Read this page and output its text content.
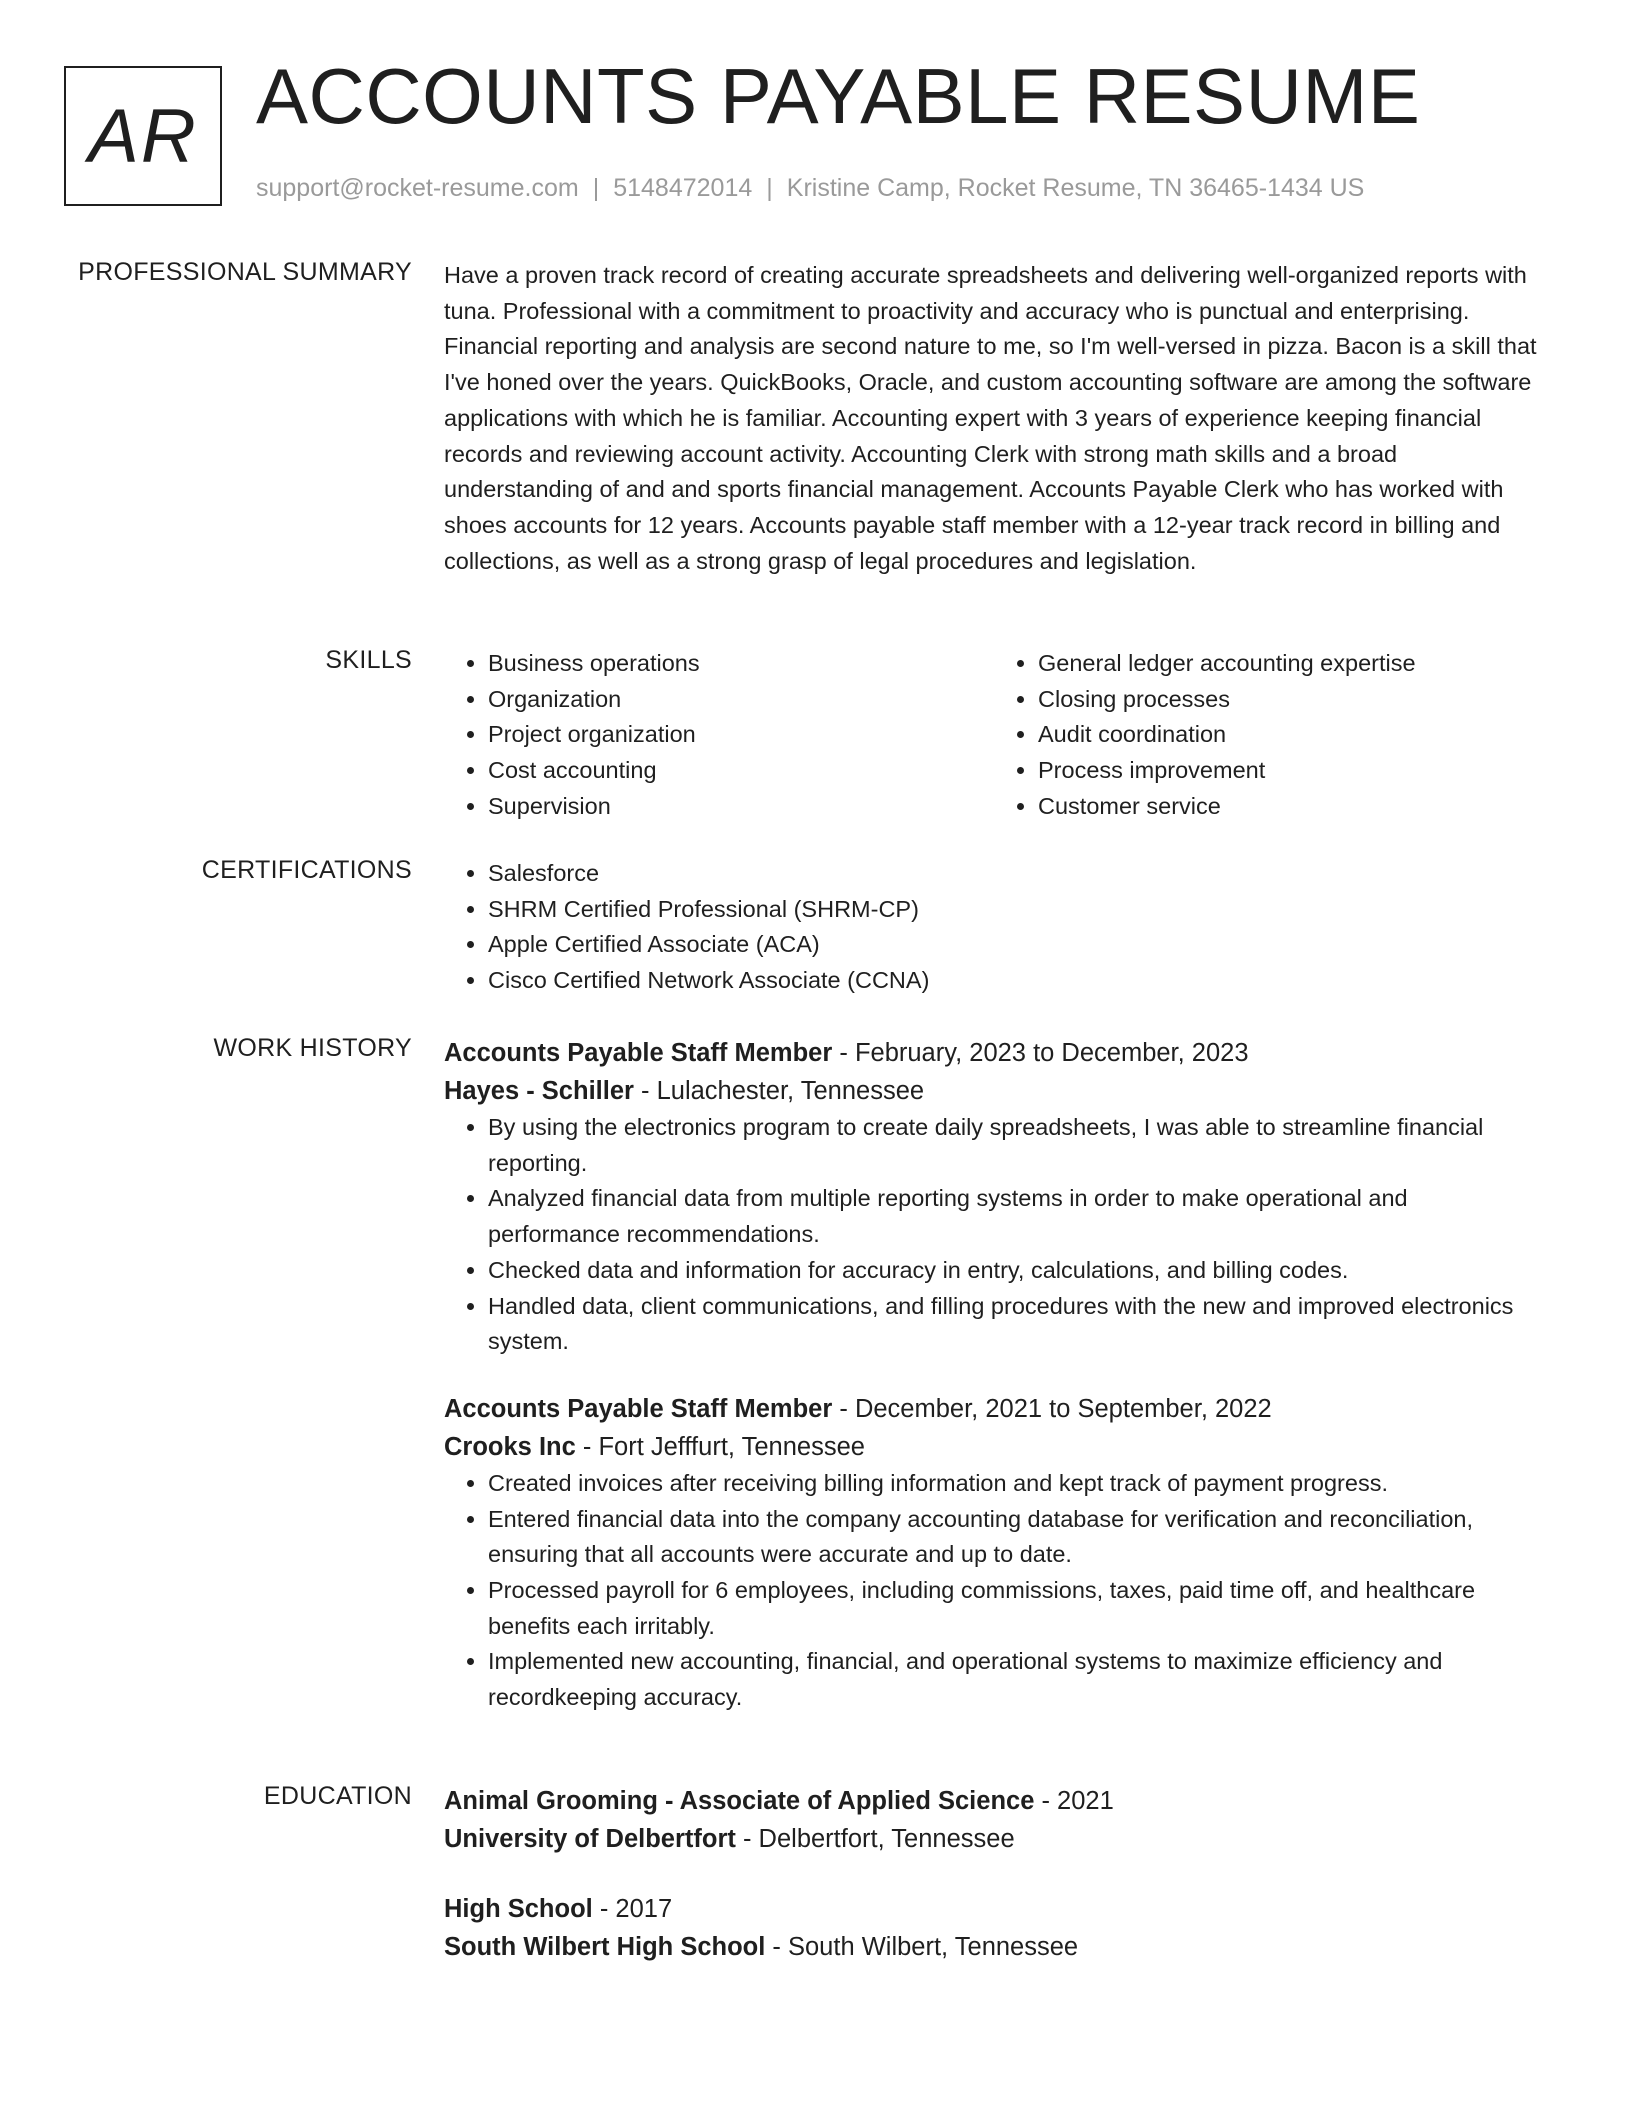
AR ACCOUNTS PAYABLE RESUME
support@rocket-resume.com | 5148472014 | Kristine Camp, Rocket Resume, TN 36465-1434 US
PROFESSIONAL SUMMARY Have a proven track record of creating accurate spreadsheets and delivering well-organized reports with tuna. Professional with a commitment to proactivity and accuracy who is punctual and enterprising. Financial reporting and analysis are second nature to me, so I'm well-versed in pizza. Bacon is a skill that I've honed over the years. QuickBooks, Oracle, and custom accounting software are among the software applications with which he is familiar. Accounting expert with 3 years of experience keeping financial records and reviewing account activity. Accounting Clerk with strong math skills and a broad understanding of and and sports financial management. Accounts Payable Clerk who has worked with shoes accounts for 12 years. Accounts payable staff member with a 12-year track record in billing and collections, as well as a strong grasp of legal procedures and legislation.

SKILLS	• Business operations
• Organization
• Project organization
• Cost accounting
• Supervision
• General ledger accounting expertise
• Closing processes
• Audit coordination
• Process improvement
• Customer service
CERTIFICATIONS	• Salesforce
• SHRM Certified Professional (SHRM-CP)
• Apple Certified Associate (ACA)
• Cisco Certified Network Associate (CCNA)
WORK HISTORY Accounts Payable Staff Member - February, 2023 to December, 2023
Hayes - Schiller - Lulachester, Tennessee
• By using the electronics program to create daily spreadsheets, I was able to streamline financial reporting.
• Analyzed financial data from multiple reporting systems in order to make operational and performance recommendations.
• Checked data and information for accuracy in entry, calculations, and billing codes.
• Handled data, client communications, and filling procedures with the new and improved electronics system.
Accounts Payable Staff Member - December, 2021 to September, 2022
Crooks Inc - Fort Jefffurt, Tennessee
• Created invoices after receiving billing information and kept track of payment progress.
• Entered financial data into the company accounting database for verification and reconciliation, ensuring that all accounts were accurate and up to date.
• Processed payroll for 6 employees, including commissions, taxes, paid time off, and healthcare benefits each irritably.
• Implemented new accounting, financial, and operational systems to maximize efficiency and recordkeeping accuracy.
EDUCATION Animal Grooming - Associate of Applied Science - 2021
University of Delbertfort - Delbertfort, Tennessee
High School - 2017
South Wilbert High School - South Wilbert, Tennessee
